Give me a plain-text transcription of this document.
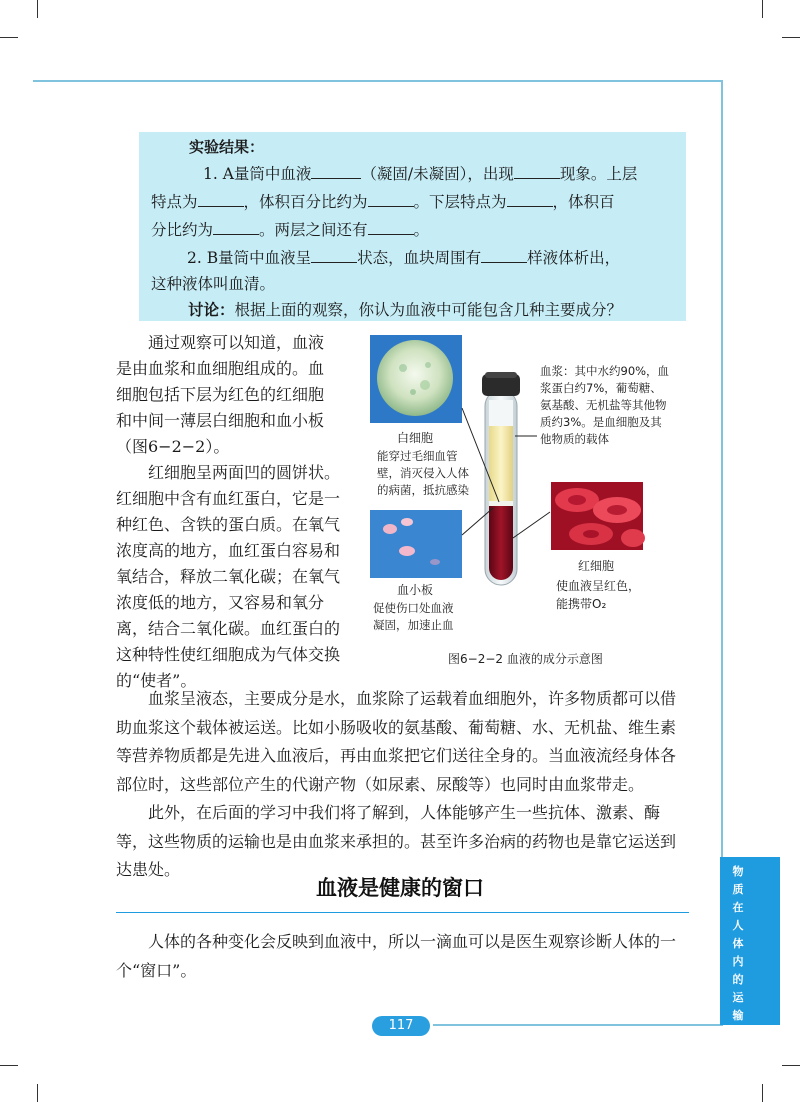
实验结果：
1. A量筒中血液	（凝固/未凝固），出现	现象。上层
特点为	，体积百分比约为	。下层特点为	，体积百
分比约为	。两层之间还有	。
2. B量筒中血液呈	状态，血块周围有	样液体析出，
这种液体叫血清。
讨论：根据上面的观察，你认为血液中可能包含几种主要成分？
通过观察可以知道，血液
是由血浆和血细胞组成的。血
细胞包括下层为红色的红细胞
和中间一薄层白细胞和血小板
（图6−2−2）。
红细胞呈两面凹的圆饼状。
红细胞中含有血红蛋白，它是一
种红色、含铁的蛋白质。在氧气
浓度高的地方，血红蛋白容易和
氧结合，释放二氧化碳；在氧气
浓度低的地方，又容易和氧分
离，结合二氧化碳。血红蛋白的
这种特性使红细胞成为气体交换
的“使者”。
白细胞
能穿过毛细血管
壁，消灭侵入人体
的病菌，抵抗感染
血小板
促使伤口处血液
凝固，加速止血
血浆：其中水约90%，血
浆蛋白约7%，葡萄糖、
氨基酸、无机盐等其他物
质约3%。是血细胞及其
他物质的载体
红细胞
使血液呈红色，
能携带O₂
图6−2−2 血液的成分示意图

血浆呈液态，主要成分是水，血浆除了运载着血细胞外，许多物质都可以借助血浆这个载体被运送。比如小肠吸收的氨基酸、葡萄糖、水、无机盐、维生素等营养物质都是先进入血液后，再由血浆把它们送往全身的。当血液流经身体各部位时，这些部位产生的代谢产物（如尿素、尿酸等）也同时由血浆带走。

此外，在后面的学习中我们将了解到，人体能够产生一些抗体、激素、酶等，这些物质的运输也是由血浆来承担的。甚至许多治病的药物也是靠它运送到达患处。

血液是健康的窗口

人体的各种变化会反映到血液中，所以一滴血可以是医生观察诊断人体的一个“窗口”。

物
质
在
人
体
内
的
运
输
117
